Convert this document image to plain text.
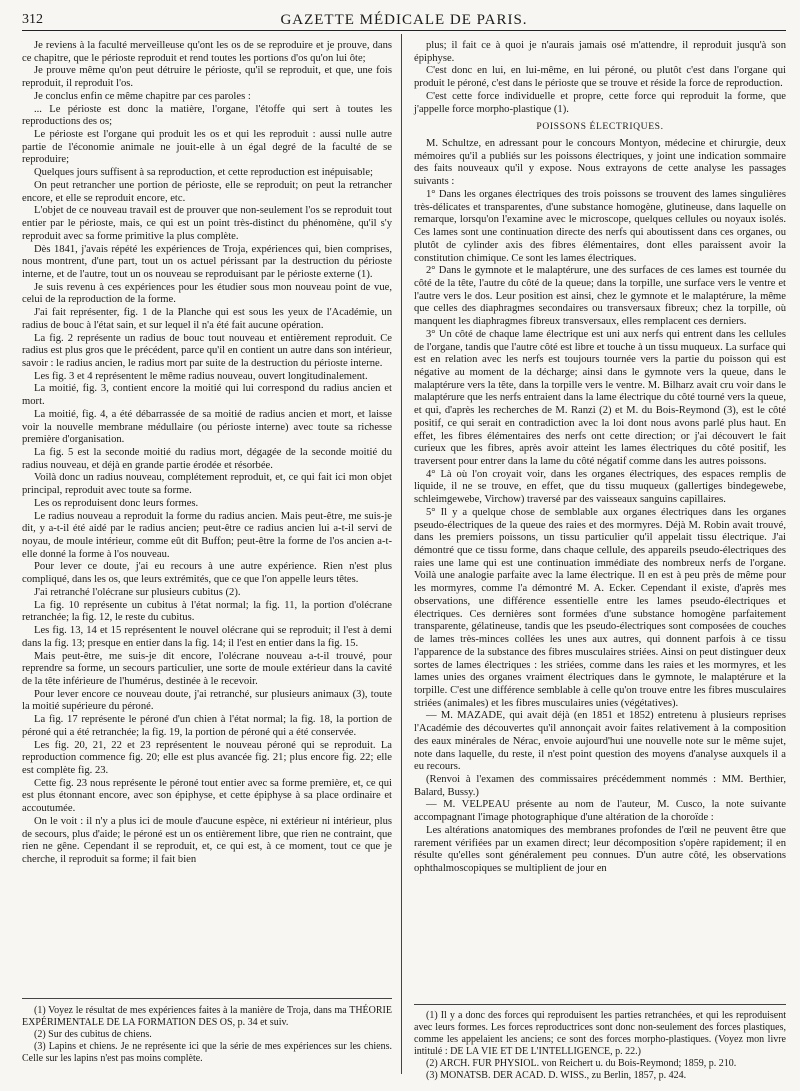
312	GAZETTE MÉDICALE DE PARIS.

Je reviens à la faculté merveilleuse qu'ont les os de se reproduire et je prouve, dans ce chapitre, que le périoste reproduit et rend toutes les portions d'os qu'on lui ôte;

Je prouve même qu'on peut détruire le périoste, qu'il se reproduit, et que, une fois reproduit, il reproduit l'os.

Je conclus enfin ce même chapitre par ces paroles :

... Le périoste est donc la matière, l'organe, l'étoffe qui sert à toutes les reproductions des os;

Le périoste est l'organe qui produit les os et qui les reproduit : aussi nulle autre partie de l'économie animale ne jouit-elle à un égal degré de la faculté de se reproduire;

Quelques jours suffisent à sa reproduction, et cette reproduction est inépuisable;

On peut retrancher une portion de périoste, elle se reproduit; on peut la retrancher encore, et elle se reproduit encore, etc.

L'objet de ce nouveau travail est de prouver que non-seulement l'os se reproduit tout entier par le périoste, mais, ce qui est un point très-distinct du phénomène, qu'il s'y reproduit avec sa forme primitive la plus complète.

Dès 1841, j'avais répété les expériences de Troja, expériences qui, bien comprises, nous montrent, d'une part, tout un os actuel périssant par la destruction du périoste interne, et de l'autre, tout un os nouveau se reproduisant par le périoste externe (1).

Je suis revenu à ces expériences pour les étudier sous mon nouveau point de vue, celui de la reproduction de la forme.

J'ai fait représenter, fig. 1 de la Planche qui est sous les yeux de l'Académie, un radius de bouc à l'état sain, et sur lequel il n'a été fait aucune opération.

La fig. 2 représente un radius de bouc tout nouveau et entièrement reproduit. Ce radius est plus gros que le précédent, parce qu'il en contient un autre dans son intérieur, savoir : le radius ancien, le radius mort par suite de la destruction du périoste interne.

Les fig. 3 et 4 représentent le même radius nouveau, ouvert longitudinalement.

La moitié, fig. 3, contient encore la moitié qui lui correspond du radius ancien et mort.

La moitié, fig. 4, a été débarrassée de sa moitié de radius ancien et mort, et laisse voir la nouvelle membrane médullaire (ou périoste interne) avec toute sa richesse première d'organisation.

La fig. 5 est la seconde moitié du radius mort, dégagée de la seconde moitié du radius nouveau, et déjà en grande partie érodée et résorbée.

Voilà donc un radius nouveau, complétement reproduit, et, ce qui fait ici mon objet principal, reproduit avec toute sa forme.

Les os reproduisent donc leurs formes.

Le radius nouveau a reproduit la forme du radius ancien. Mais peut-être, me suis-je dit, y a-t-il été aidé par le radius ancien; peut-être ce radius ancien lui a-t-il servi de noyau, de moule intérieur, comme eût dit Buffon; peut-être la forme de l'os ancien a-t-elle donné la forme à l'os nouveau.

Pour lever ce doute, j'ai eu recours à une autre expérience. Rien n'est plus compliqué, dans les os, que leurs extrémités, que ce que l'on appelle leurs têtes.

J'ai retranché l'olécrane sur plusieurs cubitus (2).

La fig. 10 représente un cubitus à l'état normal; la fig. 11, la portion d'olécrane retranchée; la fig. 12, le reste du cubitus.

Les fig. 13, 14 et 15 représentent le nouvel olécrane qui se reproduit; il l'est à demi dans la fig. 13; presque en entier dans la fig. 14; il l'est en entier dans la fig. 15.

Mais peut-être, me suis-je dit encore, l'olécrane nouveau a-t-il trouvé, pour reprendre sa forme, un secours particulier, une sorte de moule extérieur dans la cavité de la tête inférieure de l'humérus, destinée à le recevoir.

Pour lever encore ce nouveau doute, j'ai retranché, sur plusieurs animaux (3), toute la moitié supérieure du péroné.

La fig. 17 représente le péroné d'un chien à l'état normal; la fig. 18, la portion de péroné qui a été retranchée; la fig. 19, la portion de péroné qui a été conservée.

Les fig. 20, 21, 22 et 23 représentent le nouveau péroné qui se reproduit. La reproduction commence fig. 20; elle est plus avancée fig. 21; plus encore fig. 22; elle est complète fig. 23.

Cette fig. 23 nous représente le péroné tout entier avec sa forme première, et, ce qui est plus étonnant encore, avec son épiphyse, et cette épiphyse à sa place ordinaire et accoutumée.

On le voit : il n'y a plus ici de moule d'aucune espèce, ni extérieur ni intérieur, plus de secours, plus d'aide; le péroné est un os entièrement libre, que rien ne contraint, que rien ne gêne. Cependant il se reproduit, et, ce qui est, à ce moment, tout ce que je cherche, il reproduit sa forme; il fait bien

plus; il fait ce à quoi je n'aurais jamais osé m'attendre, il reproduit jusqu'à son épiphyse.

C'est donc en lui, en lui-même, en lui péroné, ou plutôt c'est dans l'organe qui produit le péroné, c'est dans le périoste que se trouve et réside la force de reproduction.

C'est cette force individuelle et propre, cette force qui reproduit la forme, que j'appelle force morpho-plastique (1).

POISSONS ÉLECTRIQUES.

M. Schultze, en adressant pour le concours Montyon, médecine et chirurgie, deux mémoires qu'il a publiés sur les poissons électriques, y joint une indication sommaire des faits nouveaux qu'il y expose. Nous extrayons de cette analyse les passages suivants :

1° Dans les organes électriques des trois poissons se trouvent des lames singulières très-délicates et transparentes, d'une substance homogène, glutineuse, dans laquelle on remarque, lorsqu'on l'examine avec le microscope, quelques cellules ou noyaux isolés. Ces lames sont une continuation directe des nerfs qui aboutissent dans ces organes, ou plutôt de cylinder axis des fibres élémentaires, dont elles paraissent avoir la constitution chimique. Ce sont les lames électriques.

2° Dans le gymnote et le malaptérure, une des surfaces de ces lames est tournée du côté de la tête, l'autre du côté de la queue; dans la torpille, une surface vers le ventre et l'autre vers le dos. Leur position est ainsi, chez le gymnote et le malaptérure, la même que celles des diaphragmes secondaires ou transversaux fibreux; chez la torpille, où manquent les diaphragmes fibreux transversaux, elles remplacent ces derniers.

3° Un côté de chaque lame électrique est uni aux nerfs qui entrent dans les cellules de l'organe, tandis que l'autre côté est libre et touche à un tissu muqueux. La surface qui est en relation avec les nerfs est toujours tournée vers la partie du poisson qui est négative au moment de la décharge; ainsi dans le gymnote vers la queue, dans le malaptérure vers la tête, dans la torpille vers le ventre. M. Bilharz avait cru voir dans le malaptérure que les nerfs entraient dans la lame électrique du côté tourné vers la queue, et qui, d'après les recherches de M. Ranzi (2) et M. du Bois-Reymond (3), est le côté positif, ce qui serait en contradiction avec la loi dont nous avons parlé plus haut. En effet, les fibres élémentaires des nerfs ont cette direction; or j'ai découvert le fait curieux que les fibres, après avoir atteint les lames électriques du côté positif, les traversent pour entrer dans la lame du côté négatif comme dans les autres poissons.

4° Là où l'on croyait voir, dans les organes électriques, des espaces remplis de liquide, il ne se trouve, en effet, que du tissu muqueux (gallertiges bindegewebe, schleimgewebe, Virchow) traversé par des vaisseaux sanguins capillaires.

5° Il y a quelque chose de semblable aux organes électriques dans les organes pseudo-électriques de la queue des raies et des mormyres. Déjà M. Robin avait trouvé, dans les premiers poissons, un tissu particulier qu'il appelait tissu électrique. J'ai démontré que ce tissu forme, dans chaque cellule, des appareils pseudo-électriques des raies une lame qui est une continuation immédiate des nombreux nerfs de l'organe. Voilà une analogie parfaite avec la lame électrique. Il en est à peu près de même pour les mormyres, comme l'a démontré M. A. Ecker. Cependant il existe, d'après mes observations, une différence essentielle entre les lames pseudo-électriques et électriques. Ces dernières sont formées d'une substance homogène parfaitement transparente, gélatineuse, tandis que les pseudo-électriques sont composées de couches de lames très-minces collées les unes aux autres, qui donnent parfois à ce tissu l'apparence de la substance des fibres musculaires striées. Ainsi on peut distinguer deux sortes de lames électriques : les striées, comme dans les raies et les mormyres, et les lames unies des organes vraiment électriques dans le gymnote, le malaptérure et la torpille. C'est une différence semblable à celle qu'on trouve entre les fibres musculaires striées (animales) et les fibres musculaires unies (végétatives).

— M. MAZADE, qui avait déjà (en 1851 et 1852) entretenu à plusieurs reprises l'Académie des découvertes qu'il annonçait avoir faites relativement à la composition des eaux minérales de Nérac, envoie aujourd'hui une nouvelle note sur le même sujet, note dans laquelle, du reste, il n'est point question des moyens d'analyse auxquels il a eu recours.

(Renvoi à l'examen des commissaires précédemment nommés : MM. Berthier, Balard, Bussy.)

— M. VELPEAU présente au nom de l'auteur, M. Cusco, la note suivante accompagnant l'image photographique d'une altération de la choroïde :

Les altérations anatomiques des membranes profondes de l'œil ne peuvent être que rarement vérifiées par un examen direct; leur décomposition s'opère rapidement; il en résulte qu'elles sont généralement peu connues. D'un autre côté, les observations ophthalmoscopiques se multiplient de jour en

(1) Voyez le résultat de mes expériences faites à la manière de Troja, dans ma THÉORIE EXPÉRIMENTALE DE LA FORMATION DES OS, p. 34 et suiv.

(2) Sur des cubitus de chiens.

(3) Lapins et chiens. Je ne représente ici que la série de mes expériences sur les chiens. Celle sur les lapins n'est pas moins complète.

(1) Il y a donc des forces qui reproduisent les parties retranchées, et qui les reproduisent avec leurs formes. Les forces reproductrices sont donc non-seulement des forces plastiques, comme les appelaient les anciens; ce sont des forces morpho-plastiques. (Voyez mon livre intitulé : DE LA VIE ET DE L'INTELLIGENCE, p. 22.)

(2) ARCH. FUR PHYSIOL. von Reichert u. du Bois-Reymond; 1859, p. 210.

(3) MONATSB. DER ACAD. D. WISS., zu Berlin, 1857, p. 424.
